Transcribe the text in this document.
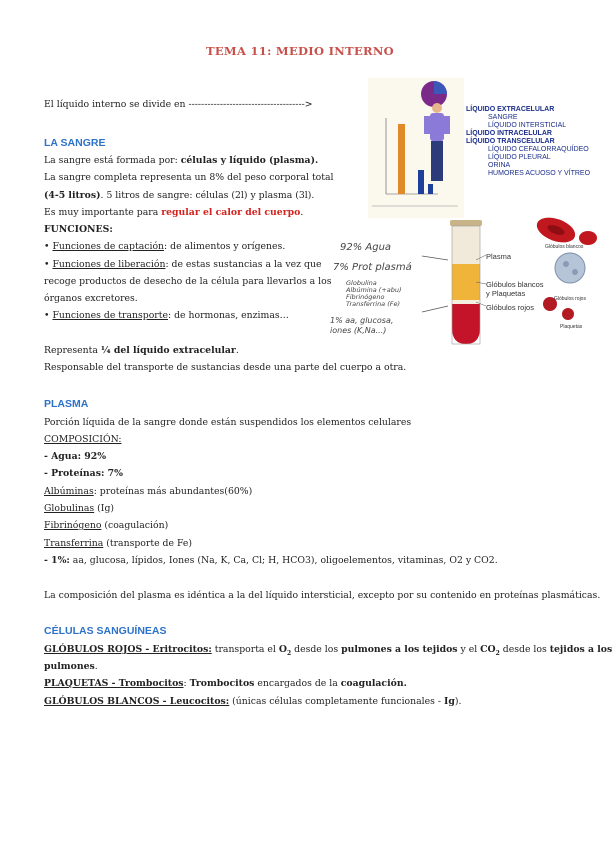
TEMA 11: MEDIO INTERNO
El líquido interno se divide en ------------------------------------->
LA SANGRE
La sangre está formada por: células y líquido (plasma).
La sangre completa representa un 8% del peso corporal total
(4-5 litros). 5 litros de sangre: células (2l) y plasma (3l).
Es muy importante para regular el calor del cuerpo.
FUNCIONES:
• Funciones de captación: de alimentos y orígenes.
• Funciones de liberación: de estas sustancias a la vez que
recoge productos de desecho de la célula para llevarlos a los
órganos excretores.
• Funciones de transporte: de hormonas, enzimas…
Representa ¼ del líquido extracelular.
Responsable del transporte de sustancias desde una parte del cuerpo a otra.
PLASMA
Porción líquida de la sangre donde están suspendidos los elementos celulares
COMPOSICIÓN:
- Agua: 92%
- Proteínas: 7%
Albúminas: proteínas más abundantes(60%)
Globulinas (Ig)
Fibrinógeno (coagulación)
Transferrina (transporte de Fe)
- 1%: aa, glucosa, lípidos, Iones (Na, K, Ca, Cl; H, HCO3), oligoelementos, vitaminas, O2 y CO2.
La composición del plasma es idéntica a la del líquido intersticial, excepto por su contenido en proteínas plasmáticas.
CÉLULAS SANGUÍNEAS
GLÓBULOS ROJOS - Eritrocitos: transporta el $O_2$ desde los pulmones a los tejidos y el $CO_2$ desde los tejidos a los
pulmones.
PLAQUETAS - Trombocitos: Trombocitos encargados de la coagulación.
GLÓBULOS BLANCOS - Leucocitos: (únicas células completamente funcionales - Ig).
LÍQUIDO EXTRACELULAR
SANGRE
LÍQUIDO INTERSTICIAL
LÍQUIDO INTRACELULAR
LÍQUIDO TRANSCELULAR
LÍQUIDO CEFALORRAQUÍDEO
LÍQUIDO PLEURAL
ORINA
HUMORES ACUOSO Y VÍTREO
92% Agua
7% Prot plasmá
Globulina
Albúmina (+abu)
Fibrinógeno
Transferrina (Fe)
1% aa, glucosa,
iones (K,Na...)
Plasma
Glóbulos blancos
y Plaquetas
Glóbulos rojos
Glóbulos blancos
Glóbulos rojos
Plaquetas
